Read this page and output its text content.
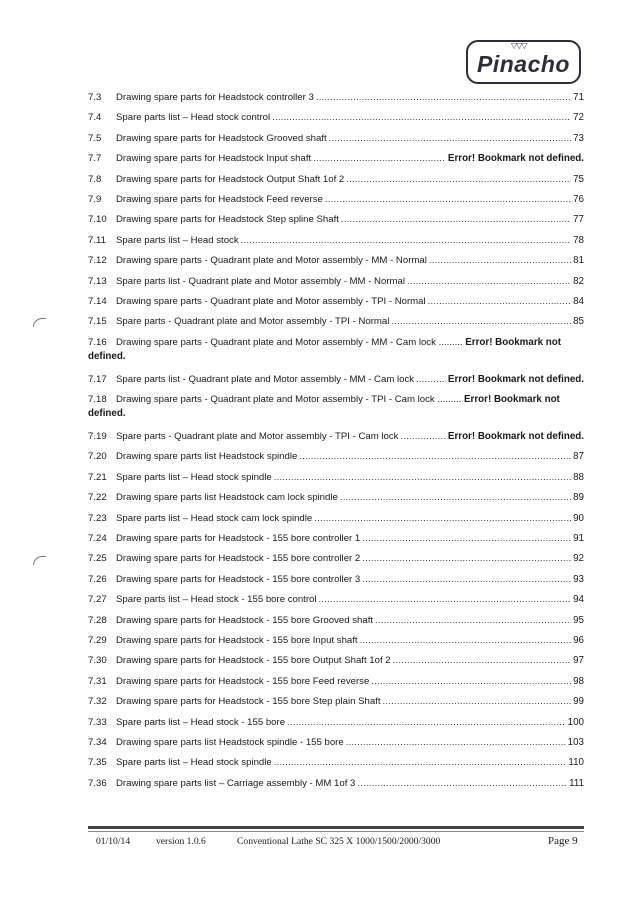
▽▽▽
Pinacho
7.3	Drawing spare parts for Headstock controller 3 .....	71
7.4	Spare parts list – Head stock control .....	72
7.5	Drawing spare parts for Headstock Grooved shaft .....	73
7.7	Drawing spare parts for Headstock Input shaft .....	Error! Bookmark not defined.
7.8	Drawing spare parts for Headstock Output Shaft 1of 2 .....	75
7.9	Drawing spare parts for Headstock Feed reverse .....	76
7.10 Drawing spare parts for Headstock Step spline Shaft .....	77
7.11	Spare parts list – Head stock .....	78
7.12 Drawing spare parts - Quadrant plate and Motor assembly - MM - Normal .....	81
7.13 Spare parts list - Quadrant plate and Motor assembly - MM - Normal .....	82
7.14 Drawing spare parts - Quadrant plate and Motor assembly - TPI - Normal .....	84
7.15 Spare parts - Quadrant plate and Motor assembly - TPI - Normal .....	85
7.16 Drawing spare parts - Quadrant plate and Motor assembly - MM - Cam lock ......... Error! Bookmark not defined.
7.17 Spare parts list - Quadrant plate and Motor assembly - MM - Cam lock .....	Error! Bookmark not defined.
7.18 Drawing spare parts - Quadrant plate and Motor assembly - TPI - Cam lock ......... Error! Bookmark not defined.
7.19 Spare parts - Quadrant plate and Motor assembly - TPI - Cam lock .....	Error! Bookmark not defined.
7.20 Drawing spare parts list Headstock spindle .....	87
7.21 Spare parts list – Head stock spindle .....	88
7.22 Drawing spare parts list Headstock cam lock spindle .....	89
7.23 Spare parts list – Head stock cam lock spindle .....	90
7.24 Drawing spare parts for Headstock - 155 bore controller 1 .....	91
7.25 Drawing spare parts for Headstock - 155 bore controller 2 .....	92
7.26 Drawing spare parts for Headstock - 155 bore controller 3 .....	93
7.27 Spare parts list – Head stock - 155 bore control .....	94
7.28 Drawing spare parts for Headstock - 155 bore Grooved shaft .....	95
7.29 Drawing spare parts for Headstock - 155 bore Input shaft .....	96
7.30 Drawing spare parts for Headstock - 155 bore Output Shaft 1of 2 .....	97
7.31 Drawing spare parts for Headstock - 155 bore Feed reverse .....	98
7.32 Drawing spare parts for Headstock - 155 bore Step plain Shaft .....	99
7.33 Spare parts list – Head stock - 155 bore .....	100
7.34 Drawing spare parts list Headstock spindle - 155 bore .....	103
7.35 Spare parts list – Head stock spindle .....	110
7.36 Drawing spare parts list – Carriage assembly - MM 1of 3 .....	111
01/10/14	version 1.0.6	Conventional Lathe SC 325 X 1000/1500/2000/3000	Page 9
